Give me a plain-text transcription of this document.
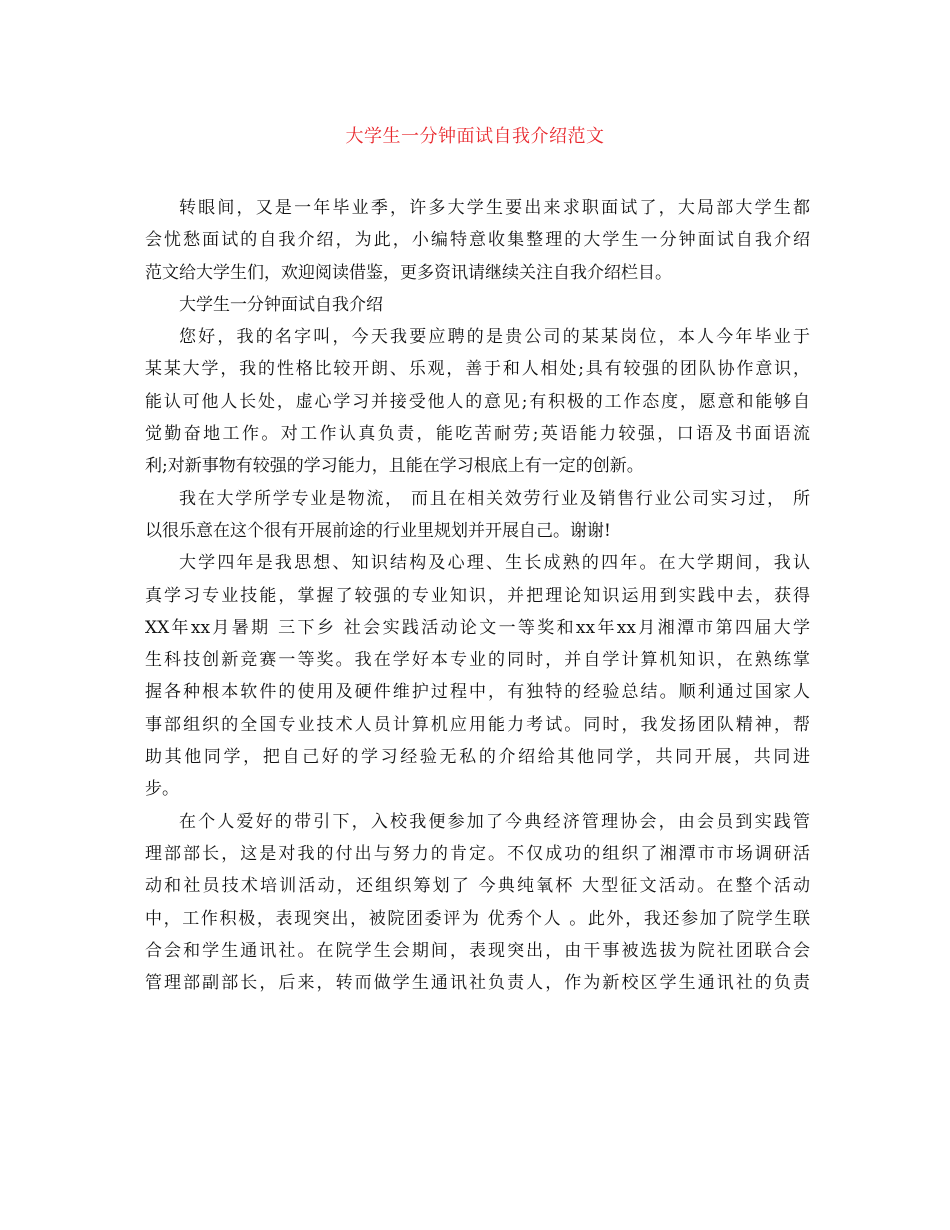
大学生一分钟面试自我介绍范文
转眼间，又是一年毕业季，许多大学生要出来求职面试了，大局部大学生都
会忧愁面试的自我介绍，为此，小编特意收集整理的大学生一分钟面试自我介绍
范文给大学生们，欢迎阅读借鉴，更多资讯请继续关注自我介绍栏目。
大学生一分钟面试自我介绍
您好，我的名字叫，今天我要应聘的是贵公司的某某岗位，本人今年毕业于
某某大学，我的性格比较开朗、乐观，善于和人相处;具有较强的团队协作意识，
能认可他人长处，虚心学习并接受他人的意见;有积极的工作态度，愿意和能够自
觉勤奋地工作。对工作认真负责，能吃苦耐劳;英语能力较强，口语及书面语流
利;对新事物有较强的学习能力，且能在学习根底上有一定的创新。
我在大学所学专业是物流， 而且在相关效劳行业及销售行业公司实习过， 所
以很乐意在这个很有开展前途的行业里规划并开展自己。谢谢!
大学四年是我思想、知识结构及心理、生长成熟的四年。在大学期间，我认
真学习专业技能，掌握了较强的专业知识，并把理论知识运用到实践中去，获得
XX年xx月暑期 三下乡 社会实践活动论文一等奖和xx年xx月湘潭市第四届大学
生科技创新竞赛一等奖。我在学好本专业的同时，并自学计算机知识，在熟练掌
握各种根本软件的使用及硬件维护过程中，有独特的经验总结。顺利通过国家人
事部组织的全国专业技术人员计算机应用能力考试。同时，我发扬团队精神，帮
助其他同学，把自己好的学习经验无私的介绍给其他同学，共同开展，共同进
步。
在个人爱好的带引下，入校我便参加了今典经济管理协会，由会员到实践管
理部部长，这是对我的付出与努力的肯定。不仅成功的组织了湘潭市市场调研活
动和社员技术培训活动，还组织筹划了 今典纯氧杯 大型征文活动。在整个活动
中，工作积极，表现突出，被院团委评为 优秀个人 。此外，我还参加了院学生联
合会和学生通讯社。在院学生会期间，表现突出，由干事被选拔为院社团联合会
管理部副部长，后来，转而做学生通讯社负责人，作为新校区学生通讯社的负责
